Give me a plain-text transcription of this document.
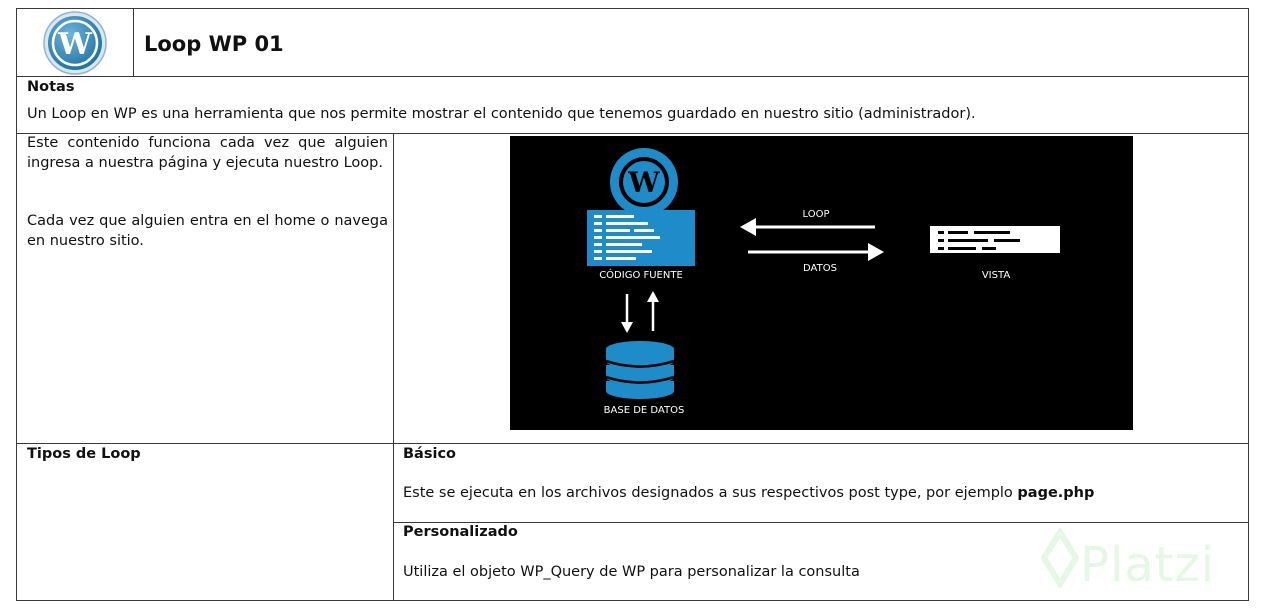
W Loop WP 01
Notas
Un Loop en WP es una herramienta que nos permite mostrar el contenido que tenemos guardado en nuestro sitio (administrador).
Este contenido funciona cada vez que alguien ingresa a nuestra página y ejecuta nuestro Loop.
Cada vez que alguien entra en el home o navega en nuestro sitio.
W
CÓDIGO FUENTE
LOOP
DATOS
VISTA
BASE DE DATOS
Tipos de Loop	Básico
Este se ejecuta en los archivos designados a sus respectivos post type, por ejemplo page.php
Personalizado
Utiliza el objeto WP_Query de WP para personalizar la consulta	Platzi
